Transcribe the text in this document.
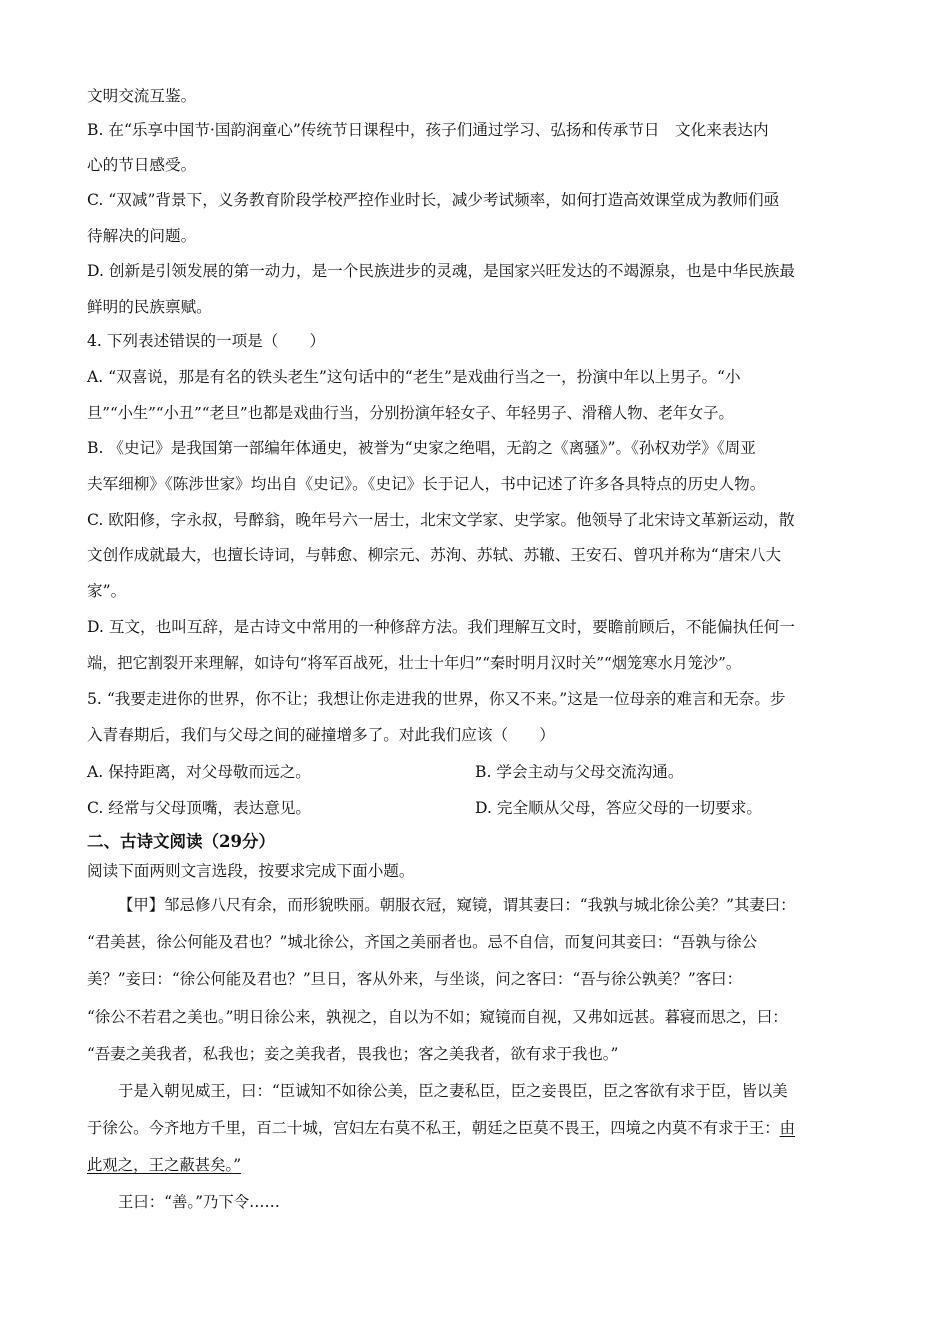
文明交流互鉴。
B. 在“乐享中国节·国韵润童心”传统节日课程中，孩子们通过学习、弘扬和传承节日　文化来表达内
心的节日感受。
C. “双减”背景下，义务教育阶段学校严控作业时长，减少考试频率，如何打造高效课堂成为教师们亟
待解决的问题。
D. 创新是引领发展的第一动力，是一个民族进步的灵魂，是国家兴旺发达的不竭源泉，也是中华民族最
鲜明的民族禀赋。
4. 下列表述错误的一项是（　　）
A. “双喜说，那是有名的铁头老生”这句话中的“老生”是戏曲行当之一，扮演中年以上男子。“小
旦”“小生”“小丑”“老旦”也都是戏曲行当，分别扮演年轻女子、年轻男子、滑稽人物、老年女子。
B. 《史记》是我国第一部编年体通史，被誉为“史家之绝唱，无韵之《离骚》”。《孙权劝学》《周亚
夫军细柳》《陈涉世家》均出自《史记》。《史记》长于记人，书中记述了许多各具特点的历史人物。
C. 欧阳修，字永叔，号醉翁，晚年号六一居士，北宋文学家、史学家。他领导了北宋诗文革新运动，散
文创作成就最大，也擅长诗词，与韩愈、柳宗元、苏洵、苏轼、苏辙、王安石、曾巩并称为“唐宋八大
家”。
D. 互文，也叫互辞，是古诗文中常用的一种修辞方法。我们理解互文时，要瞻前顾后，不能偏执任何一
端，把它割裂开来理解，如诗句“将军百战死，壮士十年归”“秦时明月汉时关”“烟笼寒水月笼沙”。
5. “我要走进你的世界，你不让；我想让你走进我的世界，你又不来。”这是一位母亲的难言和无奈。步
入青春期后，我们与父母之间的碰撞增多了。对此我们应该（　　）
A. 保持距离，对父母敬而远之。	B. 学会主动与父母交流沟通。
C. 经常与父母顶嘴，表达意见。	D. 完全顺从父母，答应父母的一切要求。
二、古诗文阅读（29分）
阅读下面两则文言选段，按要求完成下面小题。
【甲】邹忌修八尺有余，而形貌昳丽。朝服衣冠，窥镜，谓其妻曰：“我孰与城北徐公美？”其妻曰：
“君美甚，徐公何能及君也？”城北徐公，齐国之美丽者也。忌不自信，而复问其妾曰：“吾孰与徐公
美？”妾曰：“徐公何能及君也？”旦日，客从外来，与坐谈，问之客曰：“吾与徐公孰美？”客曰：
“徐公不若君之美也。”明日徐公来，孰视之，自以为不如；窥镜而自视，又弗如远甚。暮寝而思之，曰：
“吾妻之美我者，私我也；妾之美我者，畏我也；客之美我者，欲有求于我也。”
于是入朝见威王，曰：“臣诚知不如徐公美，臣之妻私臣，臣之妾畏臣，臣之客欲有求于臣，皆以美
于徐公。今齐地方千里，百二十城，宫妇左右莫不私王，朝廷之臣莫不畏王，四境之内莫不有求于王：由
此观之，王之蔽甚矣。”
王曰：“善。”乃下令……
